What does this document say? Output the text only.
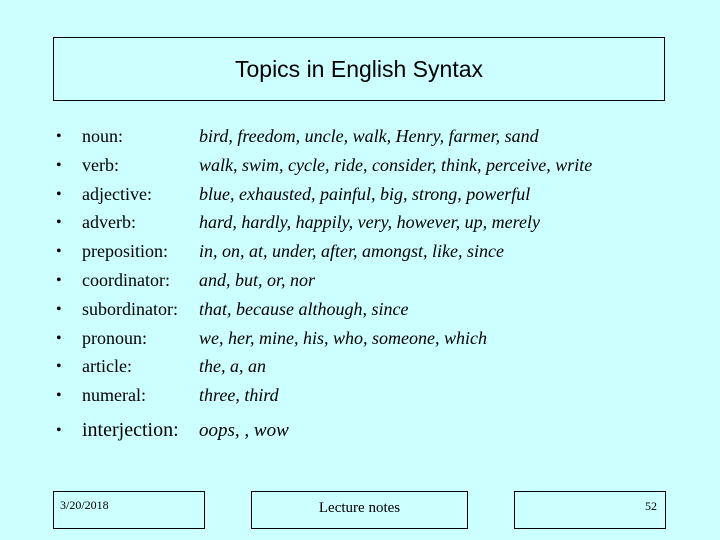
Topics in English Syntax
• noun:	bird, freedom, uncle, walk, Henry, farmer, sand
• verb:	walk, swim, cycle, ride, consider, think, perceive, write
• adjective:	blue, exhausted, painful, big, strong, powerful
• adverb:	hard, hardly, happily, very, however, up, merely
• preposition: in, on, at, under, after, amongst, like, since
• coordinator: and, but, or, nor
• subordinator: that, because although, since
• pronoun:	we, her, mine, his, who, someone, which
• article:	the, a, an
• numeral:	three, third
• interjection: oops, , wow
3/20/2018	Lecture notes	52
